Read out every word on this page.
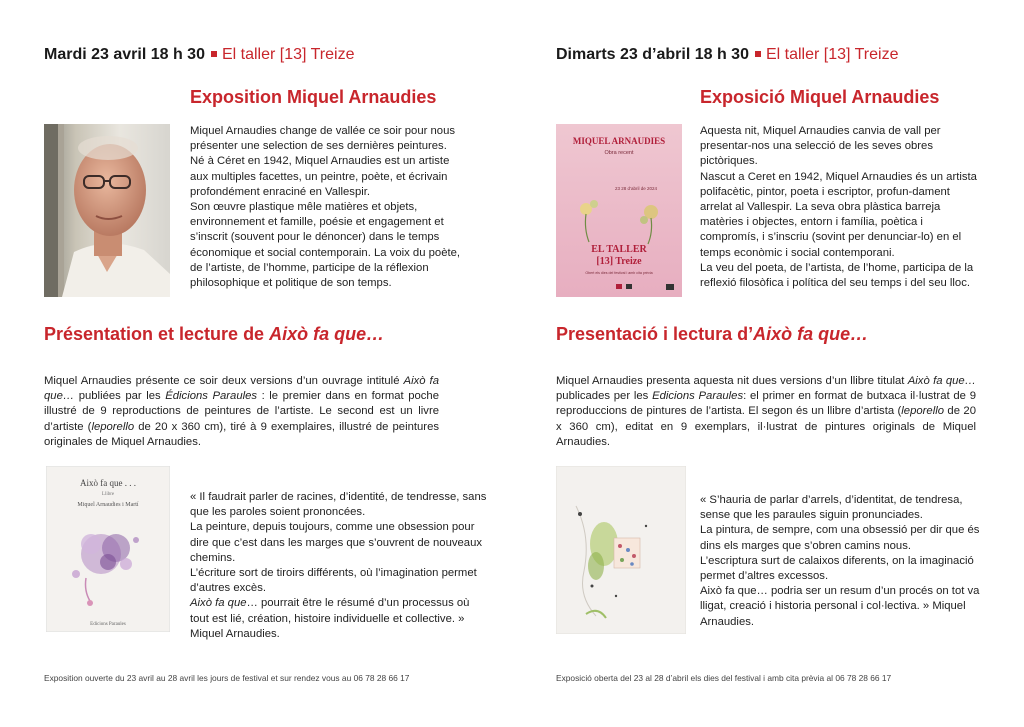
Mardi 23 avril 18 h 30 El taller [13] Treize
Exposition Miquel Arnaudies

Miquel Arnaudies change de vallée ce soir pour nous présenter une selection de ses dernières peintures.

Né à Céret en 1942, Miquel Arnaudies est un artiste aux multiples facettes, un peintre, poète, et écrivain profondément enraciné en Vallespir.

Son œuvre plastique mêle matières et objets, environnement et famille, poésie et engagement et s’inscrit (souvent pour le dénoncer) dans le temps économique et social contemporain. La voix du poète, de l’artiste, de l’homme, participe de la réflexion philosophique et politique de son temps.

Présentation et lecture de Això fa que…
Miquel Arnaudies présente ce soir deux versions d’un ouvrage intitulé Això fa que… publiées par les Édicions Paraules : le premier dans en format poche illustré de 9 reproductions de peintures de l’artiste. Le second est un livre d’artiste (leporello de 20 x 360 cm), tiré à 9 exemplaires, illustré de peintures originales de Miquel Arnaudies.
Això fa que . . .
Llibre
Miquel Arnaudies i Martí
Edicions Paraules

« Il faudrait parler de racines, d’identité, de tendresse, sans que les paroles soient prononcées.

La peinture, depuis toujours, comme une obsession pour dire que c’est dans les marges que s’ouvrent de nouveaux chemins.

L’écriture sort de tiroirs différents, où l’imagination permet d’autres excès.

Això fa que… pourrait être le résumé d’un processus où tout est lié, création, histoire individuelle et collective. » Miquel Arnaudies.

Exposition ouverte du 23 avril au 28 avril les jours de festival et sur rendez vous au 06 78 28 66 17
Dimarts 23 d’abril 18 h 30 El taller [13] Treize
Exposició Miquel Arnaudies
MIQUEL ARNAUDIES
Obra recent
23 28 d’abril de 2024
EL TALLER
[13] Treize
Obert els dies del festival i amb cita prèvia

Aquesta nit, Miquel Arnaudies canvia de vall per presentar-nos una selecció de les seves obres pictòriques.

Nascut a Ceret en 1942, Miquel Arnaudies és un artista polifacètic, pintor, poeta i escriptor, profun-dament arrelat al Vallespir. La seva obra plàstica barreja matèries i objectes, entorn i família, poètica i compromís, i s’inscriu (sovint per denunciar-lo) en el temps econòmic i social contemporani.

La veu del poeta, de l’artista, de l’home, participa de la reflexió filosòfica i política del seu temps i del seu lloc.

Presentació i lectura d’Això fa que…
Miquel Arnaudies presenta aquesta nit dues versions d’un llibre titulat Això fa que… publicades per les Edicions Paraules: el primer en format de butxaca il·lustrat de 9 reproduccions de pintures de l’artista. El segon és un llibre d’artista (leporello de 20 x 360 cm), editat en 9 exemplars, il·lustrat de pintures originals de Miquel Arnaudies.

« S’hauria de parlar d’arrels, d’identitat, de tendresa, sense que les paraules siguin pronunciades.

La pintura, de sempre, com una obsessió per dir que és dins els marges que s’obren camins nous.

L’escriptura surt de calaixos diferents, on la imaginació permet d’altres excessos.

Això fa que… podria ser un resum d’un procés on tot va lligat, creació i historia personal i col·lectiva. » Miquel Arnaudies.

Exposició oberta del 23 al 28 d’abril els dies del festival i amb cita prèvia al 06 78 28 66 17
